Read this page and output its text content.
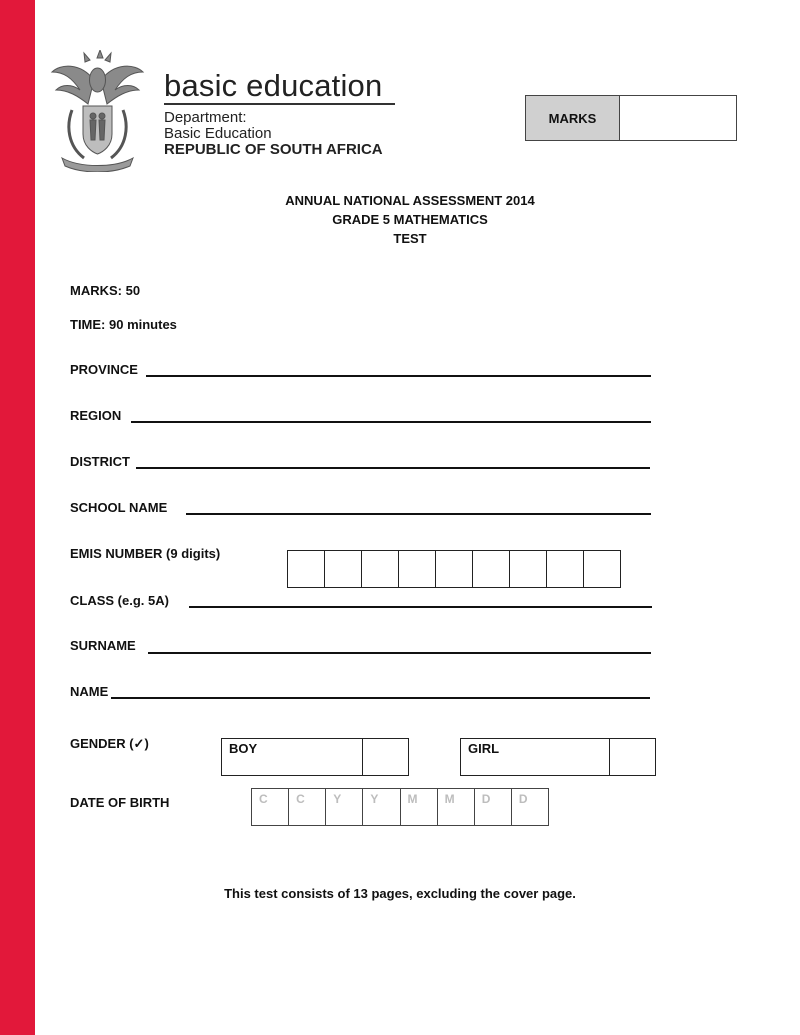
basic education
Department:
Basic Education
REPUBLIC OF SOUTH AFRICA
MARKS
ANNUAL NATIONAL ASSESSMENT 2014
GRADE 5 MATHEMATICS
TEST
MARKS: 50
TIME: 90 minutes
PROVINCE
REGION
DISTRICT
SCHOOL NAME
EMIS NUMBER (9 digits)
CLASS (e.g. 5A)
SURNAME
NAME
GENDER (✓)	BOY	GIRL
DATE OF BIRTH	C	C	Y	Y	M	M	D	D
This test consists of 13 pages, excluding the cover page.
